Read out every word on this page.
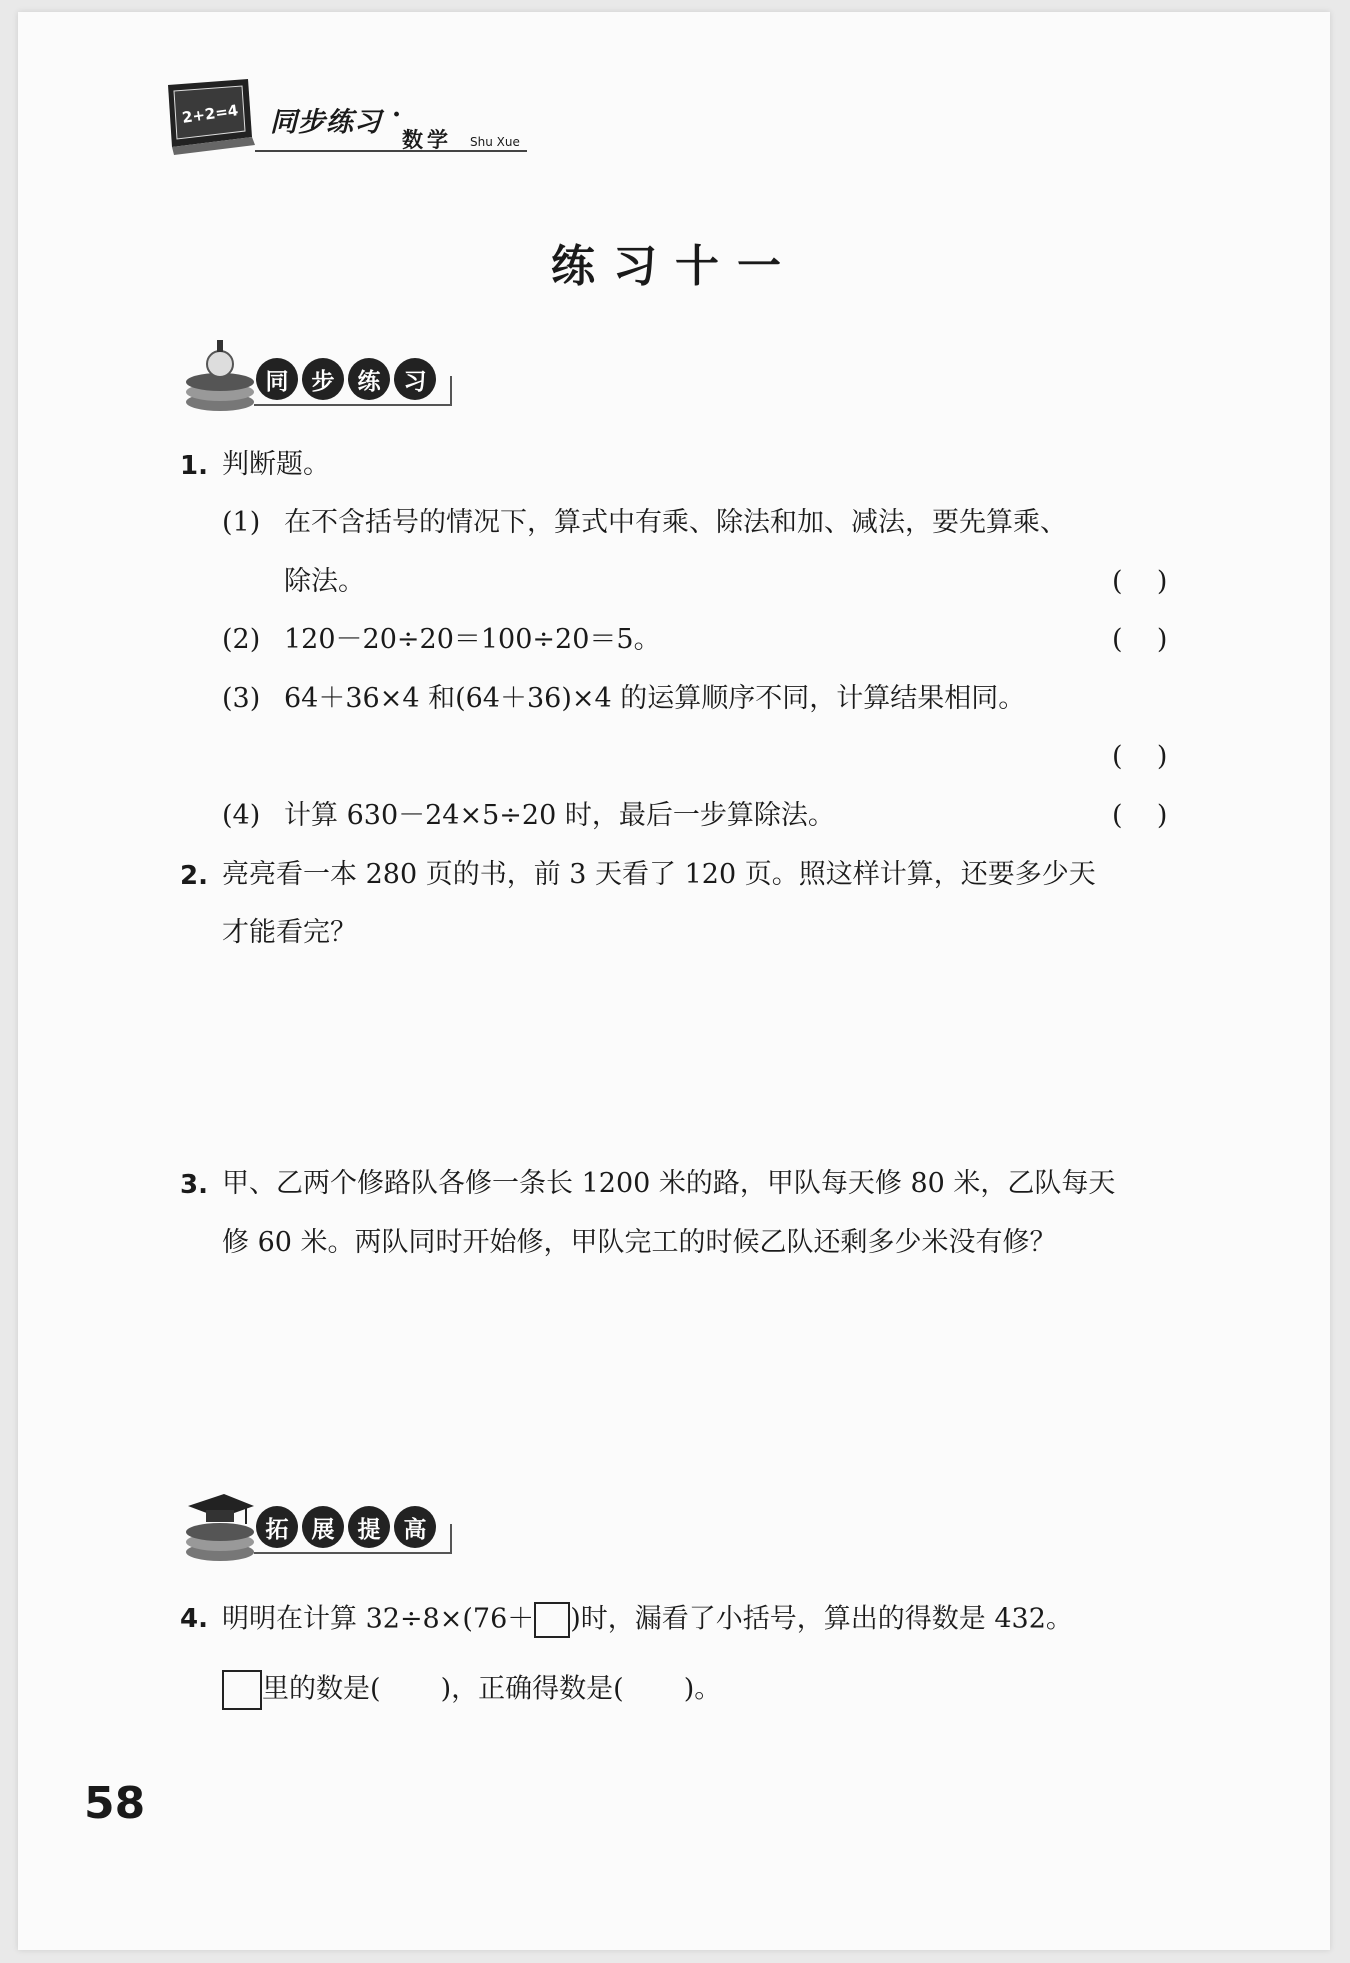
2+2=4 同步练习 ·
数学 Shu Xue
练习十一
同	步	练	习
1. 判断题。
(1) 在不含括号的情况下，算式中有乘、除法和加、减法，要先算乘、
除法。	(    )
(2) 120－20÷20＝100÷20＝5。	(    )
(3) 64＋36×4 和(64＋36)×4 的运算顺序不同，计算结果相同。
(    )
(4) 计算 630－24×5÷20 时，最后一步算除法。	(    )
2. 亮亮看一本 280 页的书，前 3 天看了 120 页。照这样计算，还要多少天
才能看完？
3. 甲、乙两个修路队各修一条长 1200 米的路，甲队每天修 80 米，乙队每天
修 60 米。两队同时开始修，甲队完工的时候乙队还剩多少米没有修？
拓	展	提	高
4. 明明在计算 32÷8×(76＋ )时，漏看了小括号，算出的得数是 432。
里的数是(       )，正确得数是(       )。
58
